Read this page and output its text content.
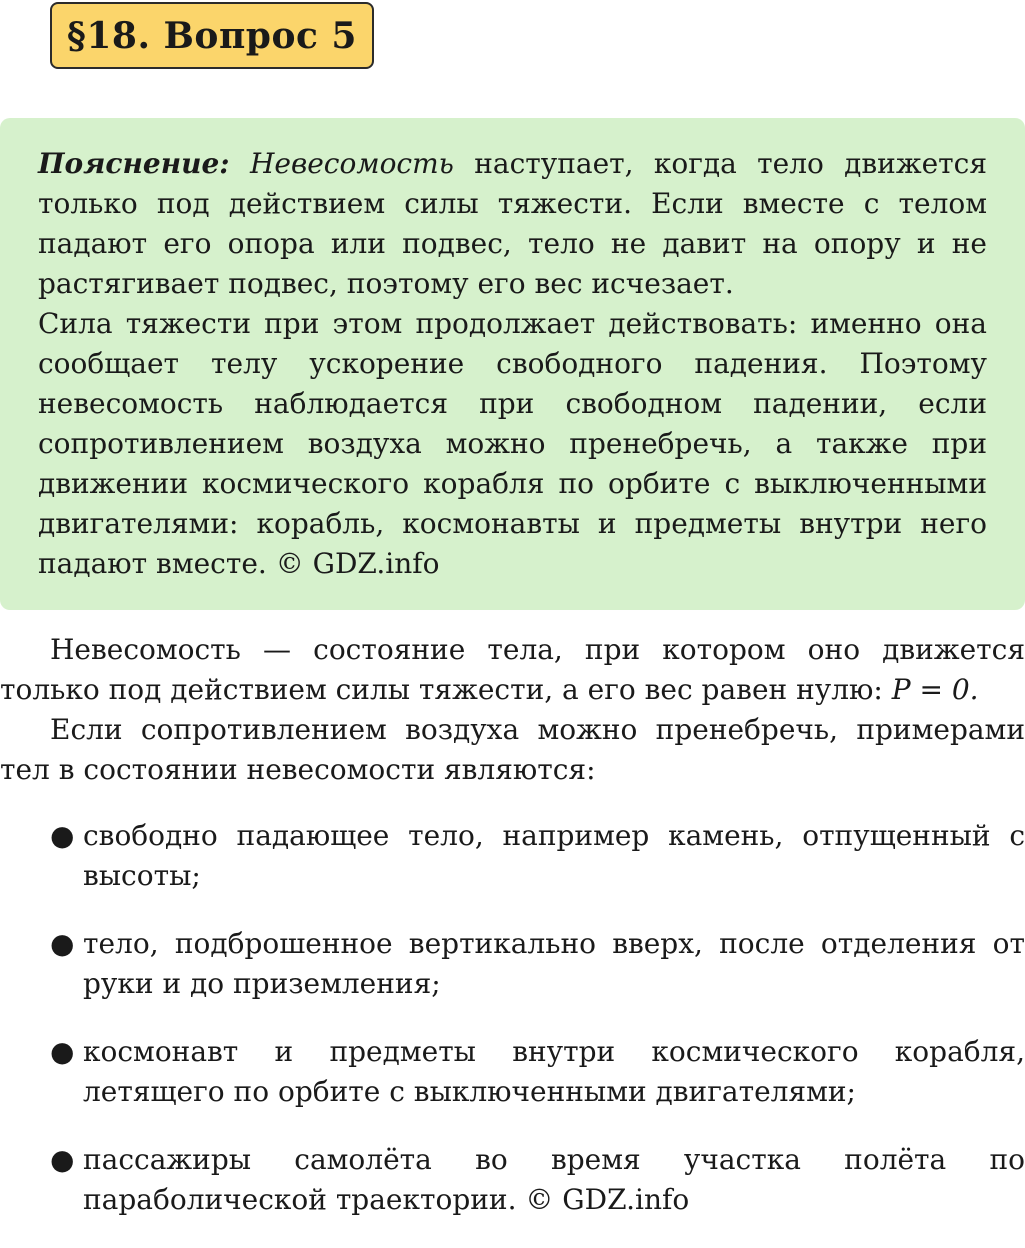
§18. Вопрос 5

Пояснение: Невесомость наступает, когда тело движется только под действием силы тяжести. Если вместе с телом падают его опора или подвес, тело не давит на опору и не растягивает подвес, поэтому его вес исчезает.

Сила тяжести при этом продолжает действовать: именно она сообщает телу ускорение свободного падения. Поэтому невесомость наблюдается при свободном падении, если сопротивлением воздуха можно пренебречь, а также при движении космического корабля по орбите с выключенными двигателями: корабль, космонавты и предметы внутри него падают вместе. © GDZ.info

Невесомость — состояние тела, при котором оно движется только под действием силы тяжести, а его вес равен нулю: P = 0.

Если сопротивлением воздуха можно пренебречь, примерами тел в состоянии невесомости являются:

● свободно падающее тело, например камень, отпущенный с высоты;
● тело, подброшенное вертикально вверх, после отделения от руки и до приземления;
● космонавт и предметы внутри космического корабля, летящего по орбите с выключенными двигателями;
● пассажиры самолёта во время участка полёта по параболической траектории. © GDZ.info
